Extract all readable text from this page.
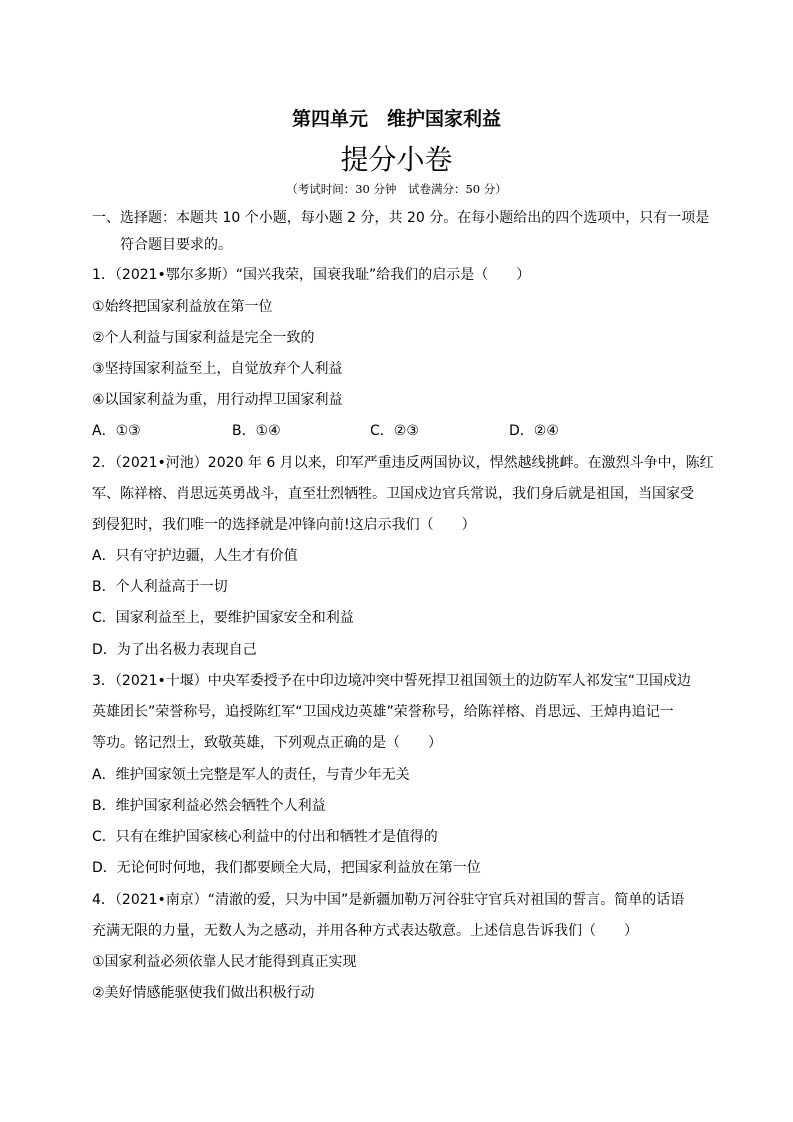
第四单元　维护国家利益
提分小卷
（考试时间：30 分钟　试卷满分：50 分）
一、选择题：本题共 10 个小题，每小题 2 分，共 20 分。在每小题给出的四个选项中，只有一项是
符合题目要求的。
1．（2021•鄂尔多斯）“国兴我荣，国衰我耻”给我们的启示是（　　）
①始终把国家利益放在第一位
②个人利益与国家利益是完全一致的
③坚持国家利益至上，自觉放弃个人利益
④以国家利益为重，用行动捍卫国家利益
A．①③	B．①④	C．②③	D．②④
2．（2021•河池）2020 年 6 月以来，印军严重违反两国协议，悍然越线挑衅。在激烈斗争中，陈红
军、陈祥榕、肖思远英勇战斗，直至壮烈牺牲。卫国戍边官兵常说，我们身后就是祖国，当国家受
到侵犯时，我们唯一的选择就是冲锋向前!这启示我们（　　）
A．只有守护边疆，人生才有价值
B．个人利益高于一切
C．国家利益至上，要维护国家安全和利益
D．为了出名极力表现自己
3．（2021•十堰）中央军委授予在中印边境冲突中誓死捍卫祖国领土的边防军人祁发宝“卫国戍边
英雄团长”荣誉称号，追授陈红军“卫国戍边英雄”荣誉称号，给陈祥榕、肖思远、王焯冉追记一
等功。铭记烈士，致敬英雄，下列观点正确的是（　　）
A．维护国家领土完整是军人的责任，与青少年无关
B．维护国家利益必然会牺牲个人利益
C．只有在维护国家核心利益中的付出和牺牲才是值得的
D．无论何时何地，我们都要顾全大局，把国家利益放在第一位
4．（2021•南京）“清澈的爱，只为中国”是新疆加勒万河谷驻守官兵对祖国的誓言。简单的话语
充满无限的力量，无数人为之感动，并用各种方式表达敬意。上述信息告诉我们（　　）
①国家利益必须依靠人民才能得到真正实现
②美好情感能驱使我们做出积极行动
